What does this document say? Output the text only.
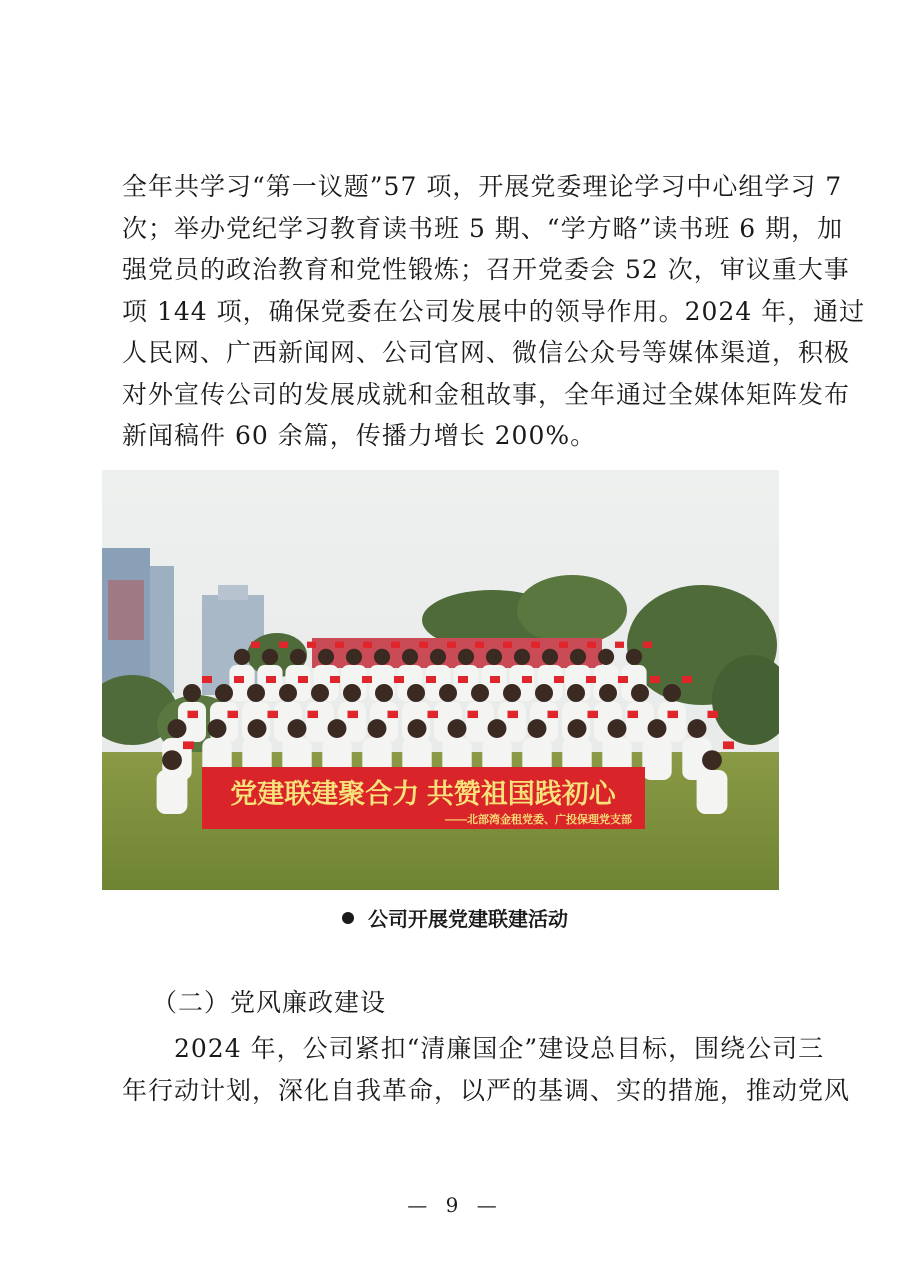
全年共学习“第一议题”57 项，开展党委理论学习中心组学习 7
次；举办党纪学习教育读书班 5 期、“学方略”读书班 6 期，加
强党员的政治教育和党性锻炼；召开党委会 52 次，审议重大事
项 144 项，确保党委在公司发展中的领导作用。2024 年，通过
人民网、广西新闻网、公司官网、微信公众号等媒体渠道，积极
对外宣传公司的发展成就和金租故事，全年通过全媒体矩阵发布
新闻稿件 60 余篇，传播力增长 200%。
党建联建聚合力 共赞祖国践初心
——北部湾金租党委、广投保理党支部
公司开展党建联建活动

（二）党风廉政建设

　　2024 年，公司紧扣“清廉国企”建设总目标，围绕公司三
年行动计划，深化自我革命，以严的基调、实的措施，推动党风
— 9 —
